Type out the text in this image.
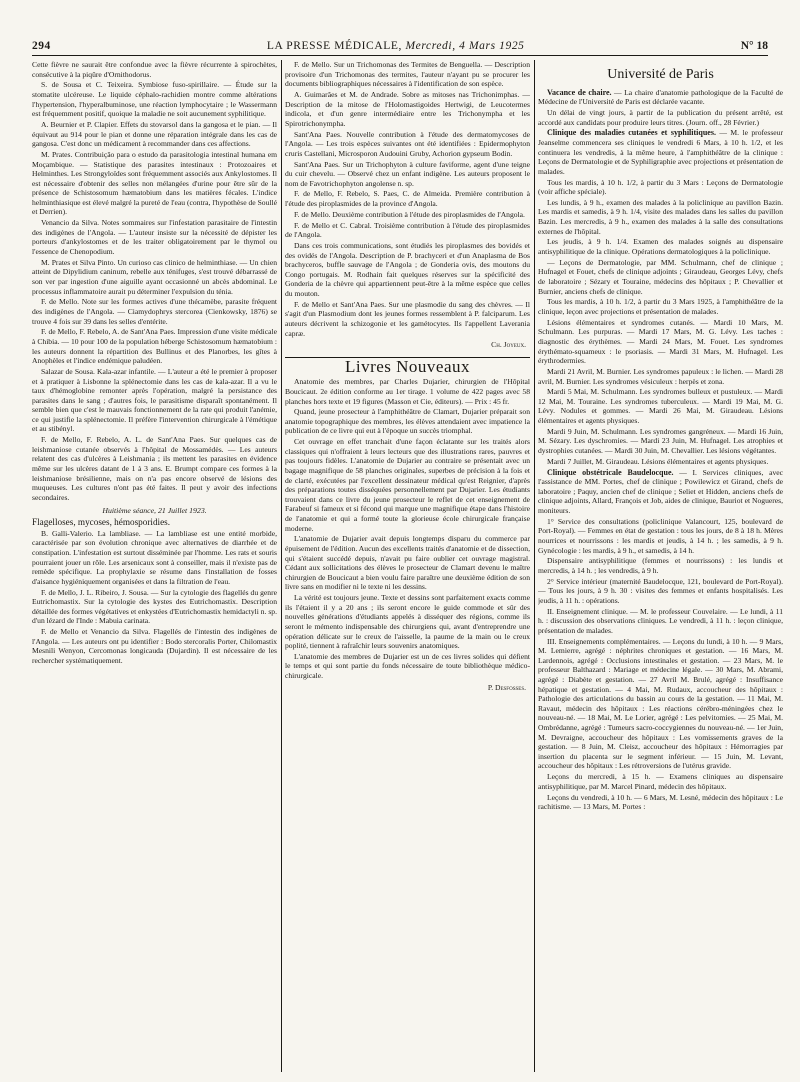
294	LA PRESSE MÉDICALE, Mercredi, 4 Mars 1925	N° 18

Cette fièvre ne saurait être confondue avec la fièvre récurrente à spirochètes, consécutive à la piqûre d'Ornithodorus.

S. de Sousa et C. Teixeira. Symbiose fuso-spirillaire. — Étude sur la stomatite ulcéreuse. Le liquide céphalo-rachidien montre comme altérations l'hypertension, l'hyperalbuminose, une réaction lymphocytaire ; le Wassermann est fréquemment positif, quoique la maladie ne soit aucunement syphilitique.

A. Beurnier et P. Clapier. Effets du stovarsol dans la gangosa et le pian. — Il équivaut au 914 pour le pian et donne une réparation intégrale dans les cas de gangosa. C'est donc un médicament à recommander dans ces affections.

M. Prates. Contribuição para o estudo da parasitologia intestinal humana em Moçambique. — Statistique des parasites intestinaux : Protozoaires et Helminthes. Les Strongyloïdes sont fréquemment associés aux Ankylostomes. Il est nécessaire d'obtenir des selles non mélangées d'urine pour être sûr de la présence de Schistosomum hæmatobium dans les matières fécales. L'indice helminthiasique est élevé malgré la pureté de l'eau (contra, l'hypothèse de Soullé et Derrien).

Venancio da Silva. Notes sommaires sur l'infestation parasitaire de l'intestin des indigènes de l'Angola. — L'auteur insiste sur la nécessité de dépister les porteurs d'ankylostomes et de les traiter obligatoirement par le thymol ou l'essence de Chenopodium.

M. Prates et Silva Pinto. Un curioso cas clinico de helminthiase. — Un chien atteint de Dipylidium caninum, rebelle aux ténifuges, s'est trouvé débarrassé de son ver par ingestion d'une aiguille ayant occasionné un abcès abdominal. Le processus inflammatoire aurait pu déterminer l'expulsion du ténia.

F. de Mello. Note sur les formes actives d'une thécamèbe, parasite fréquent des indigènes de l'Angola. — Ciamydophrys stercorea (Cienkowsky, 1876) se trouve 4 fois sur 39 dans les selles d'entérite.

F. de Mello, F. Rebelo, A. de Sant'Ana Paes. Impression d'une visite médicale à Chibia. — 10 pour 100 de la population héberge Schistosomum hæmatobium : les auteurs donnent la répartition des Bullinus et des Planorbes, les gîtes à Anophèles et l'indice endémique paludéen.

Salazar de Sousa. Kala-azar infantile. — L'auteur a été le premier à proposer et à pratiquer à Lisbonne la splénectomie dans les cas de kala-azar. Il a vu le taux d'hémoglobine remonter après l'opération, malgré la persistance des parasites dans le sang ; d'autres fois, le parasitisme disparaît spontanément. Il semble bien que c'est le mauvais fonctionnement de la rate qui produit l'anémie, ce qui justifie la splénectomie. Il préfère l'intervention chirurgicale à l'émétique et au stibényl.

F. de Mello, F. Rebelo, A. L. de Sant'Ana Paes. Sur quelques cas de leishmaniose cutanée observés à l'hôpital de Mossamédès. — Les auteurs relatent des cas d'ulcères à Leishmania ; ils mettent les parasites en évidence même sur les ulcères datant de 1 à 3 ans. E. Brumpt compare ces formes à la leishmaniose brésilienne, mais on n'a pas encore observé de lésions des muqueuses. Les cultures n'ont pas été faites. Il peut y avoir des infections secondaires.

Huitième séance, 21 Juillet 1923.

Flagelloses, mycoses, hémosporidies.

B. Galli-Valerio. La lambliase. — La lambliase est une entité morbide, caractérisée par son évolution chronique avec alternatives de diarrhée et de constipation. L'infestation est surtout disséminée par l'homme. Les rats et souris pourraient jouer un rôle. Les arsenicaux sont à conseiller, mais il n'existe pas de remède spécifique. La prophylaxie se résume dans l'installation de fosses d'aisance hygiéniquement organisées et dans la filtration de l'eau.

F. de Mello, J. L. Ribeiro, J. Sousa. — Sur la cytologie des flagellés du genre Eutrichomastix. Sur la cytologie des kystes des Eutrichomastix. Description détaillée des formes végétatives et enkystées d'Eutrichomastix hemidactyli n. sp. d'un lézard de l'Inde : Mabuia carinata.

F. de Mello et Venancio da Silva. Flagellés de l'intestin des indigènes de l'Angola. — Les auteurs ont pu identifier : Bodo stercoralis Porter, Chilomastix Mesnili Wenyon, Cercomonas longicauda (Dujardin). Il est nécessaire de les rechercher systématiquement.

F. de Mello. Sur un Trichomonas des Termites de Benguella. — Description provisoire d'un Trichomonas des termites, l'auteur n'ayant pu se procurer les documents bibliographiques nécessaires à l'identification de son espèce.

A. Guimarães et M. de Andrade. Sobre as mitoses nas Trichonimphas. — Description de la mitose de l'Holomastigoides Hertwigi, de Leucotermes indicola, et d'un genre intermédiaire entre les Trichonympha et les Spirotrichonympha.

Sant'Ana Paes. Nouvelle contribution à l'étude des dermatomycoses de l'Angola. — Les trois espèces suivantes ont été identifiées : Epidermophyton cruris Castellani, Microsporon Audouini Gruby, Achorion gypseum Bodin.

Sant'Ana Paes. Sur un Trichophyton à culture faviforme, agent d'une teigne du cuir chevelu. — Observé chez un enfant indigène. Les auteurs proposent le nom de Favotrichophyton angolense n. sp.

F. de Mello, F. Rebelo, S. Paes, C. de Almeida. Première contribution à l'étude des piroplasmides de la province d'Angola.

F. de Mello. Deuxième contribution à l'étude des piroplasmides de l'Angola.

F. de Mello et C. Cabral. Troisième contribution à l'étude des piroplasmides de l'Angola.

Dans ces trois communications, sont étudiés les piroplasmes des bovidés et des ovidés de l'Angola. Description de P. brachyceri et d'un Anaplasma de Bos brachyceros, buffle sauvage de l'Angola ; de Gonderia ovis, des moutons du Congo portugais. M. Rodhain fait quelques réserves sur la spécificité des Gonderia de la chèvre qui appartiennent peut-être à la même espèce que celles du mouton.

F. de Mello et Sant'Ana Paes. Sur une plasmodie du sang des chèvres. — Il s'agit d'un Plasmodium dont les jeunes formes ressemblent à P. falciparum. Les auteurs décrivent la schizogonie et les gamétocytes. Ils l'appellent Laverania capræ.

Ch. Joyeux.

Livres Nouveaux

Anatomie des membres, par Charles Dujarier, chirurgien de l'Hôpital Boucicaut. 2e édition conforme au 1er tirage. 1 volume de 422 pages avec 58 planches hors texte et 19 figures (Masson et Cie, éditeurs). — Prix : 45 fr.

Quand, jeune prosecteur à l'amphithéâtre de Clamart, Dujarier préparait son anatomie topographique des membres, les élèves attendaient avec impatience la publication de ce livre qui eut à l'époque un succès triomphal.

Cet ouvrage en effet tranchait d'une façon éclatante sur les traités alors classiques qui n'offraient à leurs lecteurs que des illustrations rares, pauvres et pas toujours fidèles. L'anatomie de Dujarier au contraire se présentait avec un bagage magnifique de 58 planches originales, superbes de précision à la fois et de clarté, exécutées par l'excellent dessinateur médical qu'est Reignier, d'après des préparations toutes disséquées personnellement par Dujarier. Les étudiants trouvaient dans ce livre du jeune prosecteur le reflet de cet enseignement de Farabeuf si fameux et si fécond qui marque une magnifique étape dans l'histoire de l'anatomie et qui a formé toute la glorieuse école chirurgicale française moderne.

L'anatomie de Dujarier avait depuis longtemps disparu du commerce par épuisement de l'édition. Aucun des excellents traités d'anatomie et de dissection, qui s'étaient succédé depuis, n'avait pu faire oublier cet ouvrage magistral. Cédant aux sollicitations des élèves le prosecteur de Clamart devenu le maître chirurgien de Boucicaut a bien voulu faire paraître une deuxième édition de son livre sans en modifier ni le texte ni les dessins.

La vérité est toujours jeune. Texte et dessins sont parfaitement exacts comme ils l'étaient il y a 20 ans ; ils seront encore le guide commode et sûr des nouvelles générations d'étudiants appelés à disséquer des régions, comme ils seront le mémento indispensable des chirurgiens qui, avant d'entreprendre une opération délicate sur le creux de l'aisselle, la paume de la main ou le creux poplité, tiennent à rafraîchir leurs souvenirs anatomiques.

L'anatomie des membres de Dujarier est un de ces livres solides qui défient le temps et qui sont partie du fonds nécessaire de toute bibliothèque médico-chirurgicale.

P. Desfosses.

Université de Paris

Vacance de chaire. — La chaire d'anatomie pathologique de la Faculté de Médecine de l'Université de Paris est déclarée vacante.

Un délai de vingt jours, à partir de la publication du présent arrêté, est accordé aux candidats pour produire leurs titres. (Journ. off., 28 Février.)

Clinique des maladies cutanées et syphilitiques. — M. le professeur Jeanselme commencera ses cliniques le vendredi 6 Mars, à 10 h. 1/2, et les continuera les vendredis, à la même heure, à l'amphithéâtre de la clinique : Leçons de Dermatologie et de Syphiligraphie avec projections et présentation de malades.

Tous les mardis, à 10 h. 1/2, à partir du 3 Mars : Leçons de Dermatologie (voir affiche spéciale).

Les lundis, à 9 h., examen des malades à la policlinique au pavillon Bazin. Les mardis et samedis, à 9 h. 1/4, visite des malades dans les salles du pavillon Bazin. Les mercredis, à 9 h., examen des malades à la salle des consultations externes de l'hôpital.

Les jeudis, à 9 h. 1/4. Examen des malades soignés au dispensaire antisyphilitique de la clinique. Opérations dermatologiques à la policlinique.

— Leçons de Dermatologie, par MM. Schulmann, chef de clinique ; Hufnagel et Fouet, chefs de clinique adjoints ; Giraudeau, Georges Lévy, chefs de laboratoire ; Sézary et Touraine, médecins des hôpitaux ; P. Chevallier et Burnier, anciens chefs de clinique.

Tous les mardis, à 10 h. 1/2, à partir du 3 Mars 1925, à l'amphithéâtre de la clinique, leçon avec projections et présentation de malades.

Lésions élémentaires et syndromes cutanés. — Mardi 10 Mars, M. Schulmann. Les purpuras. — Mardi 17 Mars, M. G. Lévy. Les taches : diagnostic des érythèmes. — Mardi 24 Mars, M. Fouet. Les syndromes érythémato-squameux : le psoriasis. — Mardi 31 Mars, M. Hufnagel. Les érythrodermies.

Mardi 21 Avril, M. Burnier. Les syndromes papuleux : le lichen. — Mardi 28 avril, M. Burnier. Les syndromes vésiculeux : herpès et zona.

Mardi 5 Mai, M. Schulmann. Les syndromes bulleux et pustuleux. — Mardi 12 Mai, M. Touraine. Les syndromes tuberculeux. — Mardi 19 Mai, M. G. Lévy. Nodules et gommes. — Mardi 26 Mai, M. Giraudeau. Lésions élémentaires et agents physiques.

Mardi 9 Juin, M. Schulmann. Les syndromes gangréneux. — Mardi 16 Juin, M. Sézary. Les dyschromies. — Mardi 23 Juin, M. Hufnagel. Les atrophies et dystrophies cutanées. — Mardi 30 Juin, M. Chevallier. Les lésions végétantes.

Mardi 7 Juillet, M. Giraudeau. Lésions élémentaires et agents physiques.

Clinique obstétricale Baudelocque. — I. Services cliniques, avec l'assistance de MM. Portes, chef de clinique ; Powilewicz et Girand, chefs de laboratoire ; Paquy, ancien chef de clinique ; Seliet et Hidden, anciens chefs de clinique adjoints, Allard, François et Job, aides de clinique, Bauriot et Nogueres, moniteurs.

1° Service des consultations (policlinique Valancourt, 125, boulevard de Port-Royal). — Femmes en état de gestation : tous les jours, de 8 à 18 h. Mères nourrices et nourrissons : les mardis et jeudis, à 14 h. ; les samedis, à 9 h. Gynécologie : les mardis, à 9 h., et samedis, à 14 h.

Dispensaire antisyphilitique (femmes et nourrissons) : les lundis et mercredis, à 14 h. ; les vendredis, à 9 h.

2° Service intérieur (maternité Baudelocque, 121, boulevard de Port-Royal). — Tous les jours, à 9 h. 30 : visites des femmes et enfants hospitalisés. Les jeudis, à 11 h. : opérations.

II. Enseignement clinique. — M. le professeur Couvelaire. — Le lundi, à 11 h. : discussion des observations cliniques. Le vendredi, à 11 h. : leçon clinique, présentation de malades.

III. Enseignements complémentaires. — Leçons du lundi, à 10 h. — 9 Mars, M. Lemierre, agrégé : néphrites chroniques et gestation. — 16 Mars, M. Lardennois, agrégé : Occlusions intestinales et gestation. — 23 Mars, M. le professeur Balthazard : Mariage et médecine légale. — 30 Mars, M. Abrami, agrégé : Diabète et gestation. — 27 Avril M. Brulé, agrégé : Insuffisance hépatique et gestation. — 4 Mai, M. Rudaux, accoucheur des hôpitaux : Pathologie des articulations du bassin au cours de la gestation. — 11 Mai, M. Ravaut, médecin des hôpitaux : Les réactions cérébro-méningées chez le nouveau-né. — 18 Mai, M. Le Lorier, agrégé : Les pelvitomies. — 25 Mai, M. Ombrédanne, agrégé : Tumeurs sacro-coccygiennes du nouveau-né. — 1er Juin, M. Devraigne, accoucheur des hôpitaux : Les vomissements graves de la gestation. — 8 Juin, M. Cleisz, accoucheur des hôpitaux : Hémorragies par insertion du placenta sur le segment inférieur. — 15 Juin, M. Levant, accoucheur des hôpitaux : Les rétroversions de l'utérus gravide.

Leçons du mercredi, à 15 h. — Examens cliniques au dispensaire antisyphilitique, par M. Marcel Pinard, médecin des hôpitaux.

Leçons du vendredi, à 10 h. — 6 Mars, M. Lesné, médecin des hôpitaux : Le rachitisme. — 13 Mars, M. Portes :
